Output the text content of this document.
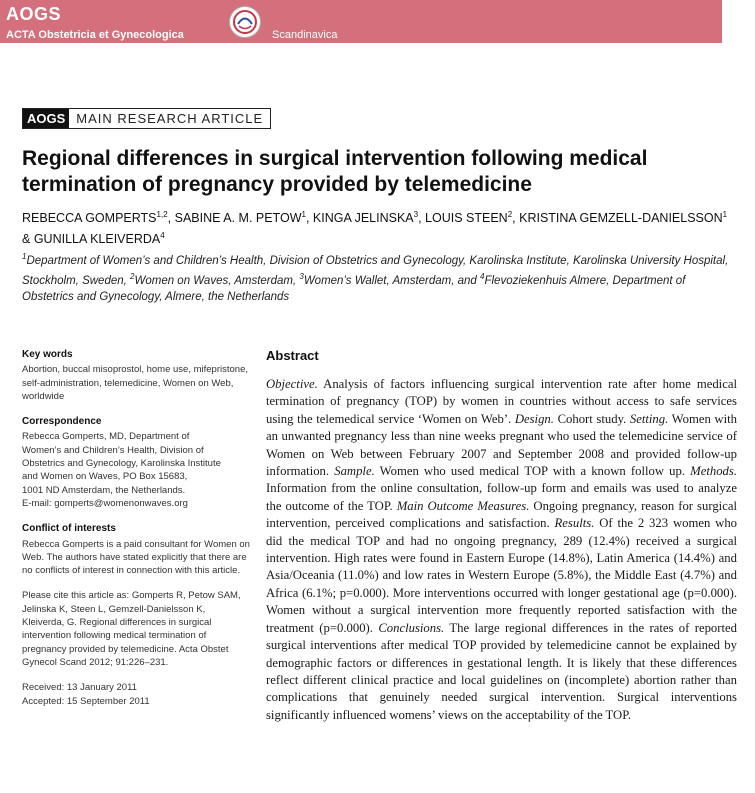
AOGS
ACTA Obstetricia et Gynecologica	Scandinavica
AOGS MAIN RESEARCH ARTICLE
Regional differences in surgical intervention following medical termination of pregnancy provided by telemedicine
REBECCA GOMPERTS$^{1,2}$, SABINE A. M. PETOW$^1$, KINGA JELINSKA$^3$, LOUIS STEEN$^2$, KRISTINA GEMZELL-DANIELSSON$^1$ & GUNILLA KLEIVERDA$^4$
$^1$Department of Women’s and Children’s Health, Division of Obstetrics and Gynecology, Karolinska Institute, Karolinska University Hospital, Stockholm, Sweden, $^2$Women on Waves, Amsterdam, $^3$Women’s Wallet, Amsterdam, and $^4$Flevoziekenhuis Almere, Department of Obstetrics and Gynecology, Almere, the Netherlands
Key words

Abortion, buccal misoprostol, home use, mifepristone, self-administration, telemedicine, Women on Web, worldwide

Correspondence
Rebecca Gomperts, MD, Department of
Women’s and Children’s Health, Division of
Obstetrics and Gynecology, Karolinska Institute
and Women on Waves, PO Box 15683,
1001 ND Amsterdam, the Netherlands.
E-mail: gomperts@womenonwaves.org
Conflict of interests

Rebecca Gomperts is a paid consultant for Women on Web. The authors have stated explicitly that there are no conflicts of interest in connection with this article.

Please cite this article as: Gomperts R, Petow SAM, Jelinska K, Steen L, Gemzell-Danielsson K, Kleiverda, G. Regional differences in surgical intervention following medical termination of pregnancy provided by telemedicine. Acta Obstet Gynecol Scand 2012; 91:226–231.

Received: 13 January 2011

Accepted: 15 September 2011

Abstract

Objective. Analysis of factors influencing surgical intervention rate after home medical termination of pregnancy (TOP) by women in countries without access to safe services using the telemedical service ‘Women on Web’. Design. Cohort study. Setting. Women with an unwanted pregnancy less than nine weeks pregnant who used the telemedicine service of Women on Web between February 2007 and September 2008 and provided follow-up information. Sample. Women who used medical TOP with a known follow up. Methods. Information from the online consultation, follow-up form and emails was used to analyze the outcome of the TOP. Main Outcome Measures. Ongoing pregnancy, reason for surgical intervention, perceived complications and satisfaction. Results. Of the 2 323 women who did the medical TOP and had no ongoing pregnancy, 289 (12.4%) received a surgical intervention. High rates were found in Eastern Europe (14.8%), Latin America (14.4%) and Asia/Oceania (11.0%) and low rates in Western Europe (5.8%), the Middle East (4.7%) and Africa (6.1%; p=0.000). More interventions occurred with longer gestational age (p=0.000). Women without a surgical intervention more frequently reported satisfaction with the treatment (p=0.000). Conclusions. The large regional differences in the rates of reported surgical interventions after medical TOP provided by telemedicine cannot be explained by demographic factors or differences in gestational length. It is likely that these differences reflect different clinical practice and local guidelines on (incomplete) abortion rather than complications that genuinely needed surgical intervention. Surgical interventions significantly influenced womens’ views on the acceptability of the TOP.
